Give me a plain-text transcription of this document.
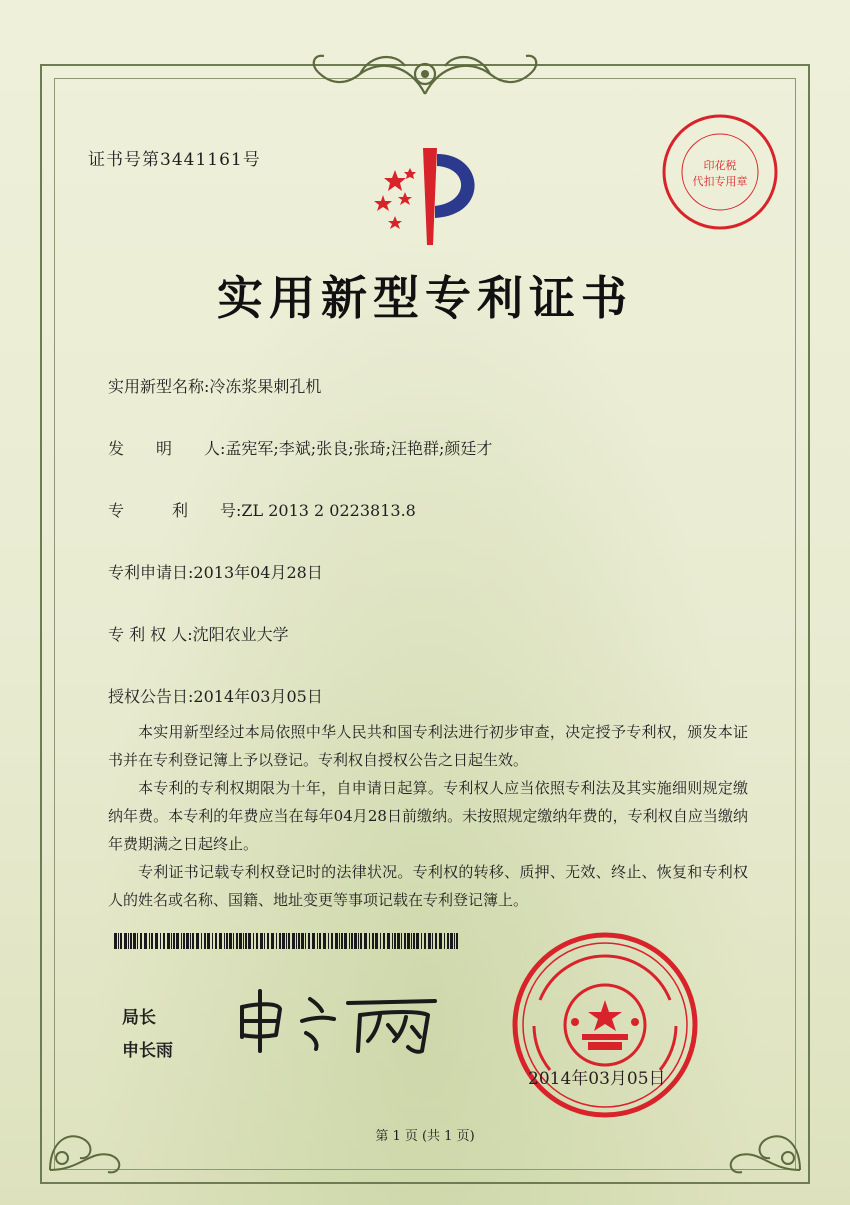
证书号第3441161号	印花税
代扣专用章
实用新型专利证书
实用新型名称:冷冻浆果刺孔机
发　　明　　人:孟宪军;李斌;张良;张琦;汪艳群;颜廷才
专　　　利　　号:ZL 2013 2 0223813.8
专利申请日:2013年04月28日
专 利 权 人:沈阳农业大学
授权公告日:2014年03月05日

本实用新型经过本局依照中华人民共和国专利法进行初步审查，决定授予专利权，颁发本证书并在专利登记簿上予以登记。专利权自授权公告之日起生效。

本专利的专利权期限为十年，自申请日起算。专利权人应当依照专利法及其实施细则规定缴纳年费。本专利的年费应当在每年04月28日前缴纳。未按照规定缴纳年费的，专利权自应当缴纳年费期满之日起终止。

专利证书记载专利权登记时的法律状况。专利权的转移、质押、无效、终止、恢复和专利权人的姓名或名称、国籍、地址变更等事项记载在专利登记簿上。

局长
申长雨
2014年03月05日
第 1 页 (共 1 页)
